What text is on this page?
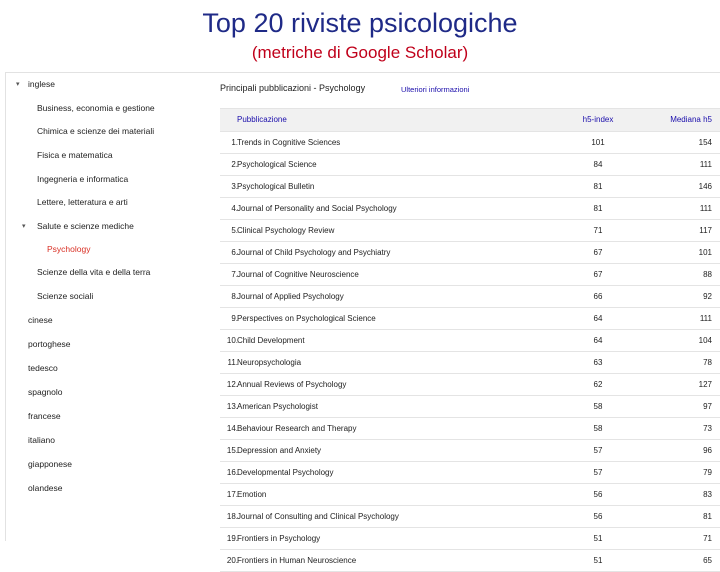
Top 20 riviste psicologiche
(metriche di Google Scholar)
▾ inglese
Business, economia e gestione
Chimica e scienze dei materiali
Fisica e matematica
Ingegneria e informatica
Lettere, letteratura e arti
▾ Salute e scienze mediche
Psychology
Scienze della vita e della terra
Scienze sociali
cinese
portoghese
tedesco
spagnolo
francese
italiano
giapponese
olandese
Principali pubblicazioni - Psychology	Ulteriori informazioni
Pubblicazione	h5-index	Mediana h5
1. Trends in Cognitive Sciences	101	154
2. Psychological Science	84	111
3. Psychological Bulletin	81	146
4. Journal of Personality and Social Psychology	81	111
5. Clinical Psychology Review	71	117
6. Journal of Child Psychology and Psychiatry	67	101
7. Journal of Cognitive Neuroscience	67	88
8. Journal of Applied Psychology	66	92
9. Perspectives on Psychological Science	64	111
10. Child Development	64	104
11. Neuropsychologia	63	78
12. Annual Reviews of Psychology	62	127
13. American Psychologist	58	97
14. Behaviour Research and Therapy	58	73
15. Depression and Anxiety	57	96
16. Developmental Psychology	57	79
17. Emotion	56	83
18. Journal of Consulting and Clinical Psychology	56	81
19. Frontiers in Psychology	51	71
20. Frontiers in Human Neuroscience	51	65
